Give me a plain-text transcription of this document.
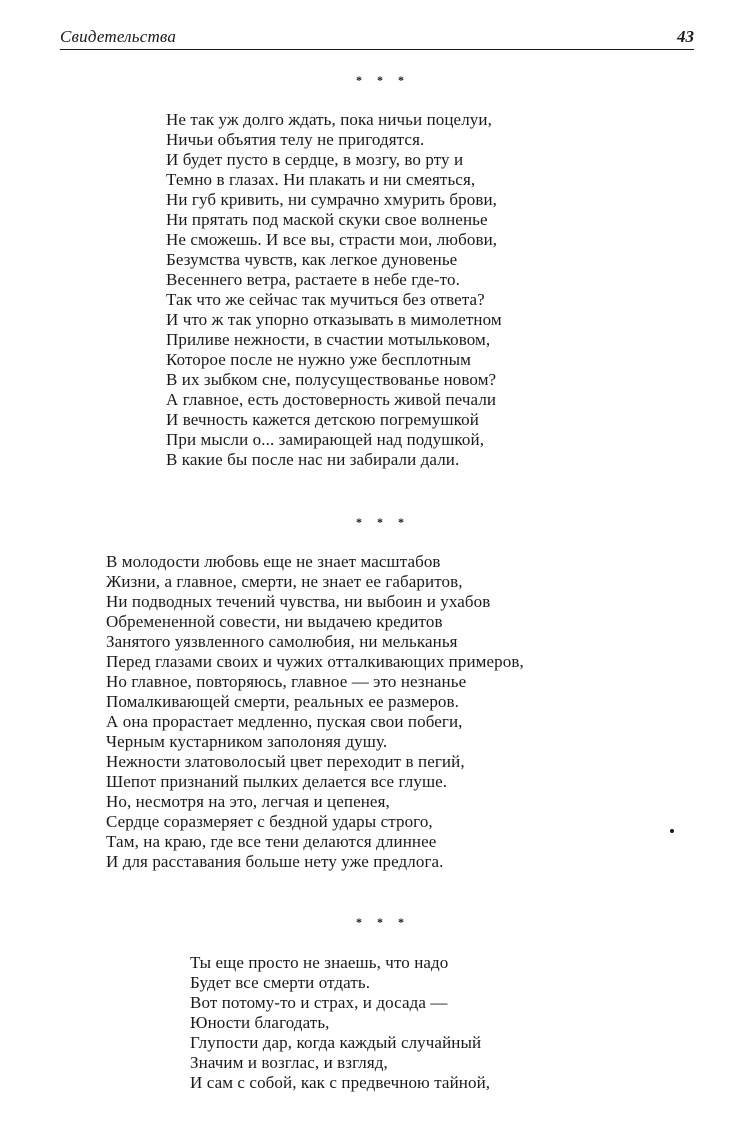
Свидетельства	43
* * *
Не так уж долго ждать, пока ничьи поцелуи,
Ничьи объятия телу не пригодятся.
И будет пусто в сердце, в мозгу, во рту и
Темно в глазах. Ни плакать и ни смеяться,
Ни губ кривить, ни сумрачно хмурить брови,
Ни прятать под маской скуки свое волненье
Не сможешь. И все вы, страсти мои, любови,
Безумства чувств, как легкое дуновенье
Весеннего ветра, растаете в небе где-то.
Так что же сейчас так мучиться без ответа?
И что ж так упорно отказывать в мимолетном
Приливе нежности, в счастии мотыльковом,
Которое после не нужно уже бесплотным
В их зыбком сне, полусуществованье новом?
А главное, есть достоверность живой печали
И вечность кажется детскою погремушкой
При мысли о... замирающей над подушкой,
В какие бы после нас ни забирали дали.
* * *
В молодости любовь еще не знает масштабов
Жизни, а главное, смерти, не знает ее габаритов,
Ни подводных течений чувства, ни выбоин и ухабов
Обремененной совести, ни выдачею кредитов
Занятого уязвленного самолюбия, ни мельканья
Перед глазами своих и чужих отталкивающих примеров,
Но главное, повторяюсь, главное — это незнанье
Помалкивающей смерти, реальных ее размеров.
А она прорастает медленно, пуская свои побеги,
Черным кустарником заполоняя душу.
Нежности златоволосый цвет переходит в пегий,
Шепот признаний пылких делается все глуше.
Но, несмотря на это, легчая и цепенея,
Сердце соразмеряет с бездной удары строго,
Там, на краю, где все тени делаются длиннее
И для расставания больше нету уже предлога.
* * *
Ты еще просто не знаешь, что надо
Будет все смерти отдать.
Вот потому-то и страх, и досада —
Юности благодать,
Глупости дар, когда каждый случайный
Значим и возглас, и взгляд,
И сам с собой, как с предвечною тайной,
